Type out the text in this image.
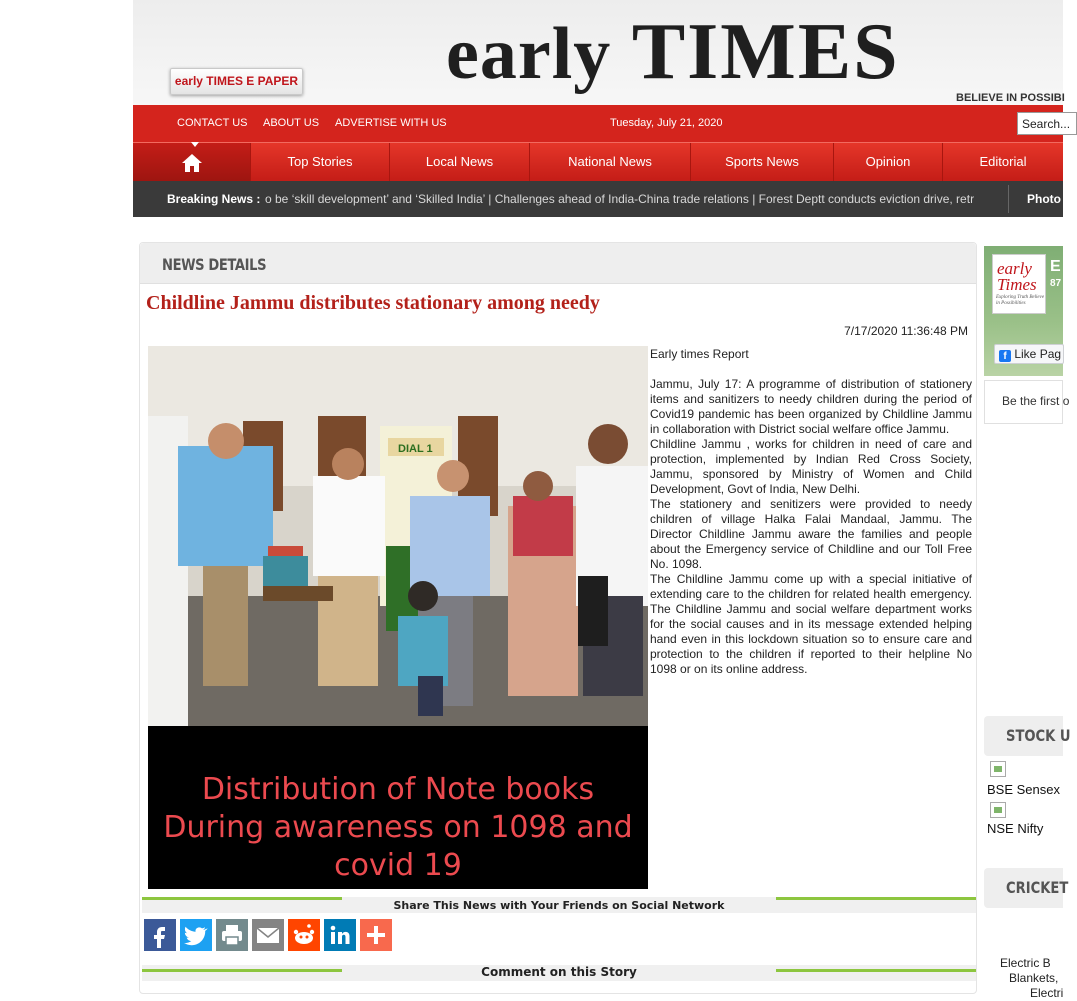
early TIMES E PAPER early TIMES
BELIEVE IN POSSIBI
CONTACT US ABOUT US ADVERTISE WITH US	Tuesday, July 21, 2020
Search...
Top Stories	Local News	National News	Sports News	Opinion	Editorial
Breaking News : o be ‘skill development’ and ‘Skilled India’ | Challenges ahead of India-China trade relations | Forest Deptt conducts eviction drive, retr	Photo G
NEWS DETAILS
Childline Jammu distributes stationary among needy
7/17/2020 11:36:48 PM
DIAL 1
Distribution of Note books During awareness on 1098 and covid 19

Early times Report

Jammu, July 17: A programme of distribution of stationery items and sanitizers to needy children during the period of Covid19 pandemic has been organized by Childline Jammu in collaboration with District social welfare office Jammu.

Childline Jammu , works for children in need of care and protection, implemented by Indian Red Cross Society, Jammu, sponsored by Ministry of Women and Child Development, Govt of India, New Delhi.

The stationery and senitizers were provided to needy children of village Halka Falai Mandaal, Jammu. The Director Childline Jammu aware the families and people about the Emergency service of Childline and our Toll Free No. 1098.

The Childline Jammu come up with a special initiative of extending care to the children for related health emergency. The Childline Jammu and social welfare department works for the social causes and in its message extended helping hand even in this lockdown situation so to ensure care and protection to the children if reported to their helpline No 1098 or on its online address.

Share This News with Your Friends on Social Network
Comment on this Story
early
Times
Exploring Truth Believe in Possibilities
E
87
f Like Pag
Be the first o
STOCK U
BSE Sensex
NSE Nifty
CRICKET
Electric B
Blankets,
Electri
